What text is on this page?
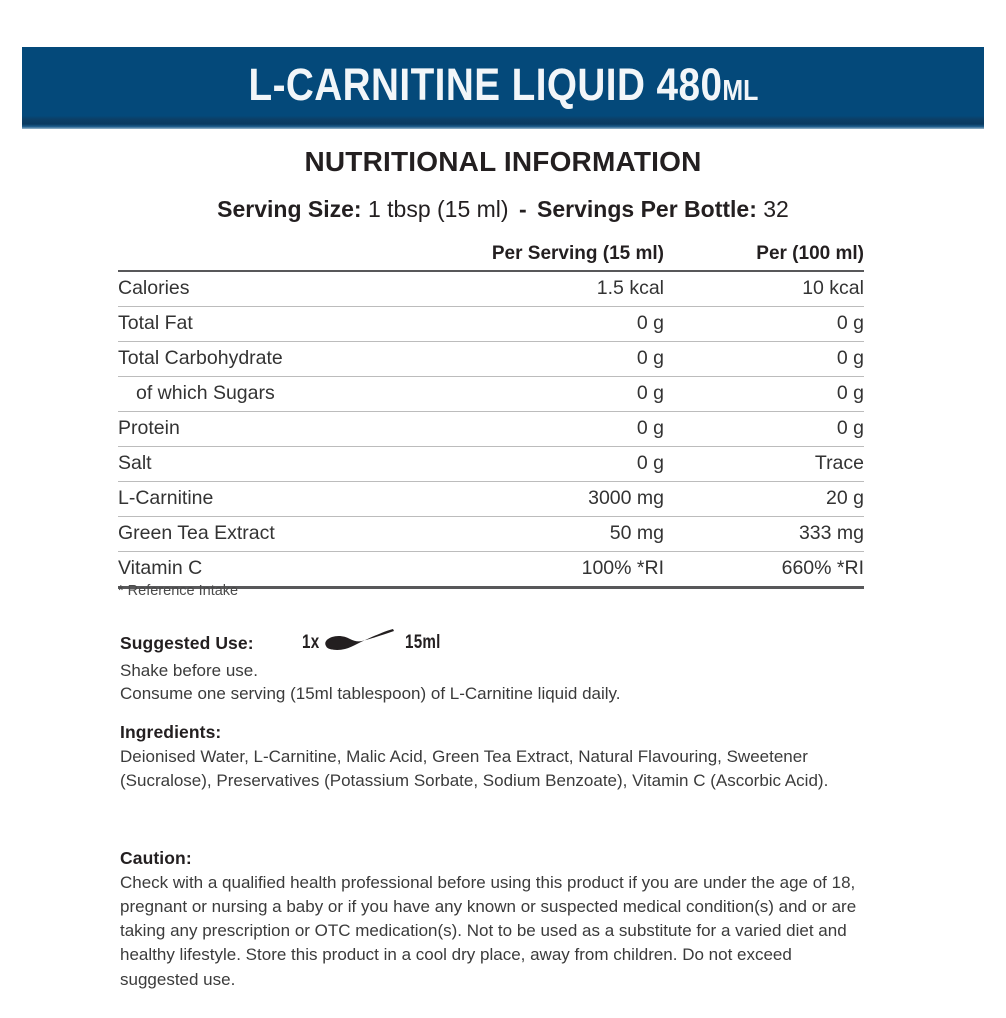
L-CARNITINE LIQUID 480ML
NUTRITIONAL INFORMATION
Serving Size: 1 tbsp (15 ml) - Servings Per Bottle: 32
	Per Serving (15 ml)	Per (100 ml)
Calories	1.5 kcal	10 kcal
Total Fat	0 g	0 g
Total Carbohydrate	0 g	0 g
of which Sugars	0 g	0 g
Protein	0 g	0 g
Salt	0 g	Trace
L-Carnitine	3000 mg	20 g
Green Tea Extract	50 mg	333 mg
Vitamin C	100% *RI	660% *RI
* Reference Intake
Suggested Use:	1x	15ml
Shake before use.
Consume one serving (15ml tablespoon) of L-Carnitine liquid daily.
Ingredients:
Deionised Water, L-Carnitine, Malic Acid, Green Tea Extract, Natural Flavouring, Sweetener (Sucralose), Preservatives (Potassium Sorbate, Sodium Benzoate), Vitamin C (Ascorbic Acid).
Caution:
Check with a qualified health professional before using this product if you are under the age of 18, pregnant or nursing a baby or if you have any known or suspected medical condition(s) and or are taking any prescription or OTC medication(s). Not to be used as a substitute for a varied diet and healthy lifestyle. Store this product in a cool dry place, away from children. Do not exceed suggested use.
